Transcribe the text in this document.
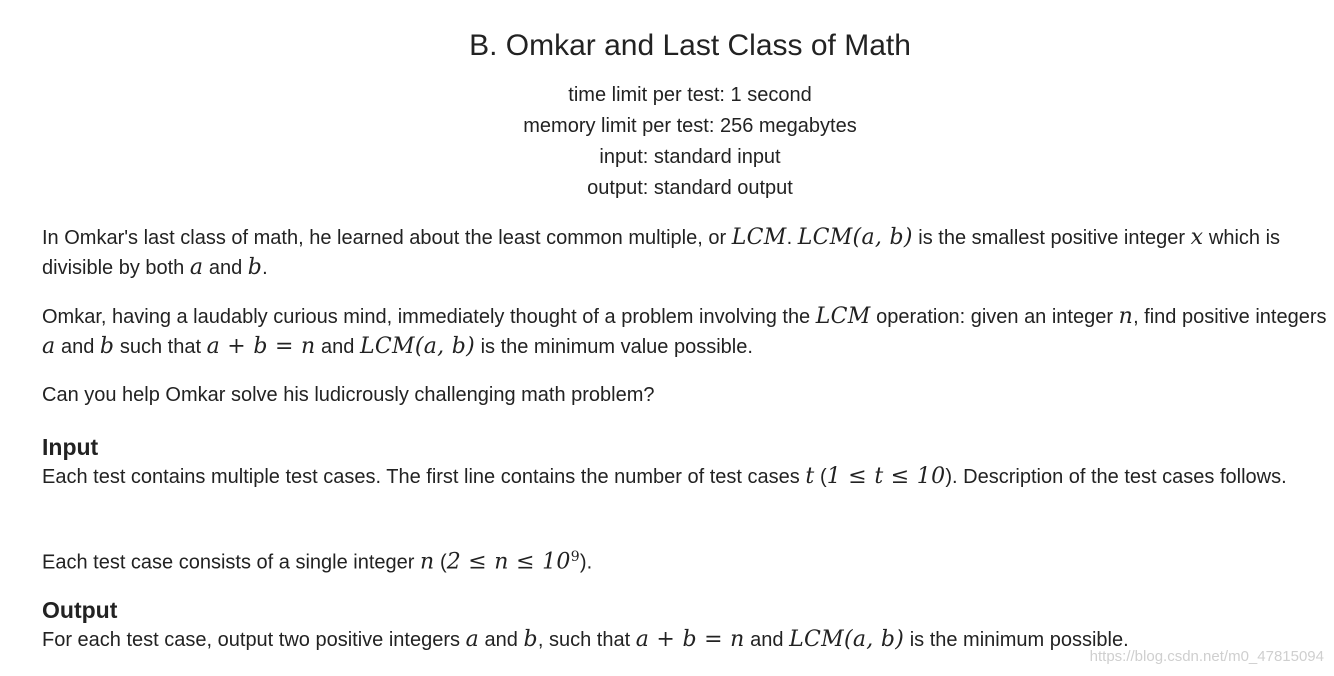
B. Omkar and Last Class of Math
time limit per test: 1 second
memory limit per test: 256 megabytes
input: standard input
output: standard output
In Omkar's last class of math, he learned about the least common multiple, or LCM. LCM(a, b) is the smallest positive integer x which is divisible by both a and b.
Omkar, having a laudably curious mind, immediately thought of a problem involving the LCM operation: given an integer n, find positive integers a and b such that a + b = n and LCM(a, b) is the minimum value possible.
Can you help Omkar solve his ludicrously challenging math problem?
Input
Each test contains multiple test cases. The first line contains the number of test cases t (1 ≤ t ≤ 10). Description of the test cases follows.
Each test case consists of a single integer n $(2 \le n \le 10^9)$.
Output
For each test case, output two positive integers a and b, such that a + b = n and LCM(a, b) is the minimum possible.
https://blog.csdn.net/m0_47815094
